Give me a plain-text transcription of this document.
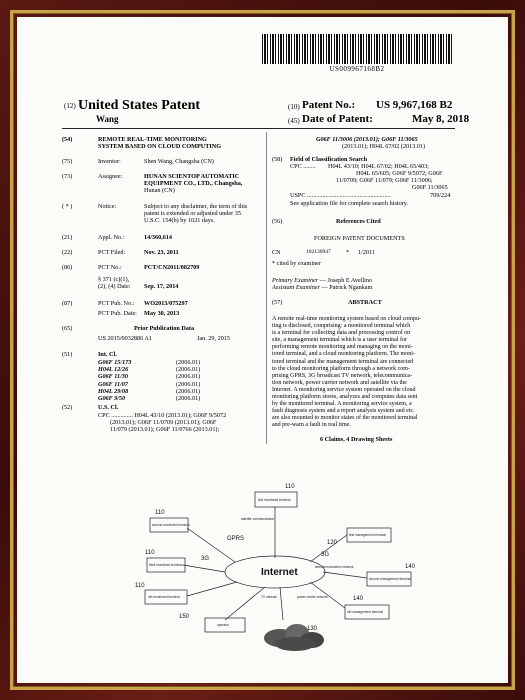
US009967168B2
(12) United States Patent
Wang
(10) Patent No.: US 9,967,168 B2
(45) Date of Patent:	May 8, 2018
(54)	REMOTE REAL-TIME MONITORING
SYSTEM BASED ON CLOUD COMPUTING
(75)	Inventor:	Shen Wang, Changsha (CN)
(73)	Assignee:	HUNAN SCIENTOP AUTOMATIC
EQUIPMENT CO., LTD., Changsha,
Hunan (CN)
( * )	Notice:	Subject to any disclaimer, the term of this
patent is extended or adjusted under 35
U.S.C. 154(b) by 1021 days.
(21)	Appl. No.:	14/360,614
(22)	PCT Filed:	Nov. 23, 2011
(86)	PCT No.:	PCT/CN2011/082709
§ 371 (c)(1),
(2), (4) Date: Sep. 17, 2014
(87)	PCT Pub. No.: WO2013/075297
PCT Pub. Date: May 30, 2013
(65)	Prior Publication Data
US 2015/0032886 A1	Jan. 29, 2015
(51)	Int. Cl.
G06F 15/173	(2006.01)
H04L 12/26	(2006.01)
G06F 11/30	(2006.01)
G06F 11/07	(2006.01)
H04L 29/08	(2006.01)
G06F 9/50	(2006.01)
(52)	U.S. Cl.
CPC .............. H04L 43/10 (2013.01); G06F 9/5072
(2013.01); G06F 11/0709 (2013.01); G06F
11/079 (2013.01); G06F 11/0766 (2013.01);
G06F 11/3006 (2013.01); G06F 11/3065
(2013.01); H04L 67/02 (2013.01)
(58) Field of Classification Search
CPC ........ H04L 43/10; H04L 67/02; H04L 65/403;
H04L 65/605; G06F 9/5072; G06F
11/0709; G06F 11/079; G06F 11/3006;
G06F 11/3065
USPC ......................................................	709/224
See application file for complete search history.
(56)	References Cited
FOREIGN PATENT DOCUMENTS
CN	102130947 * 1/2011
* cited by examiner
Primary Examiner — Joseph E Avellino
Assistant Examiner — Patrick Ngankam
(57)	ABSTRACT
A remote real-time monitoring system based on cloud compu-
ting is disclosed, comprising: a monitored terminal which
is a terminal for collecting data and processing control on
site, a management terminal which is a user terminal for
performing remote monitoring and managing on the moni-
tored terminal, and a cloud monitoring platform. The moni-
tored terminal and the management terminal are connected
to the cloud monitoring platform through a network com-
prising GPRS, 3G broadcast TV network, telecommunica-
tion network, power carrier network and satellite via the
Internet. A monitoring service system operated on the cloud
monitoring platform stores, analyzes and computes data sent
by the monitored terminal. A monitoring service system, a
fault diagnosis system and a report analysis system and etc.
are also mounted to monitor states of the monitored terminal
and pre-warn a fault in real time.
6 Claims, 4 Drawing Sheets
Internet
110
110
110
110
120
140
140
150
130
GPRS
3G
3G
first monitored terminal
second monitored terminal
third monitored terminal
nth monitored terminal
first management terminal
second management terminal
nth management terminal
operator
satellite communication
telecommunication network
power carrier network
TV network
